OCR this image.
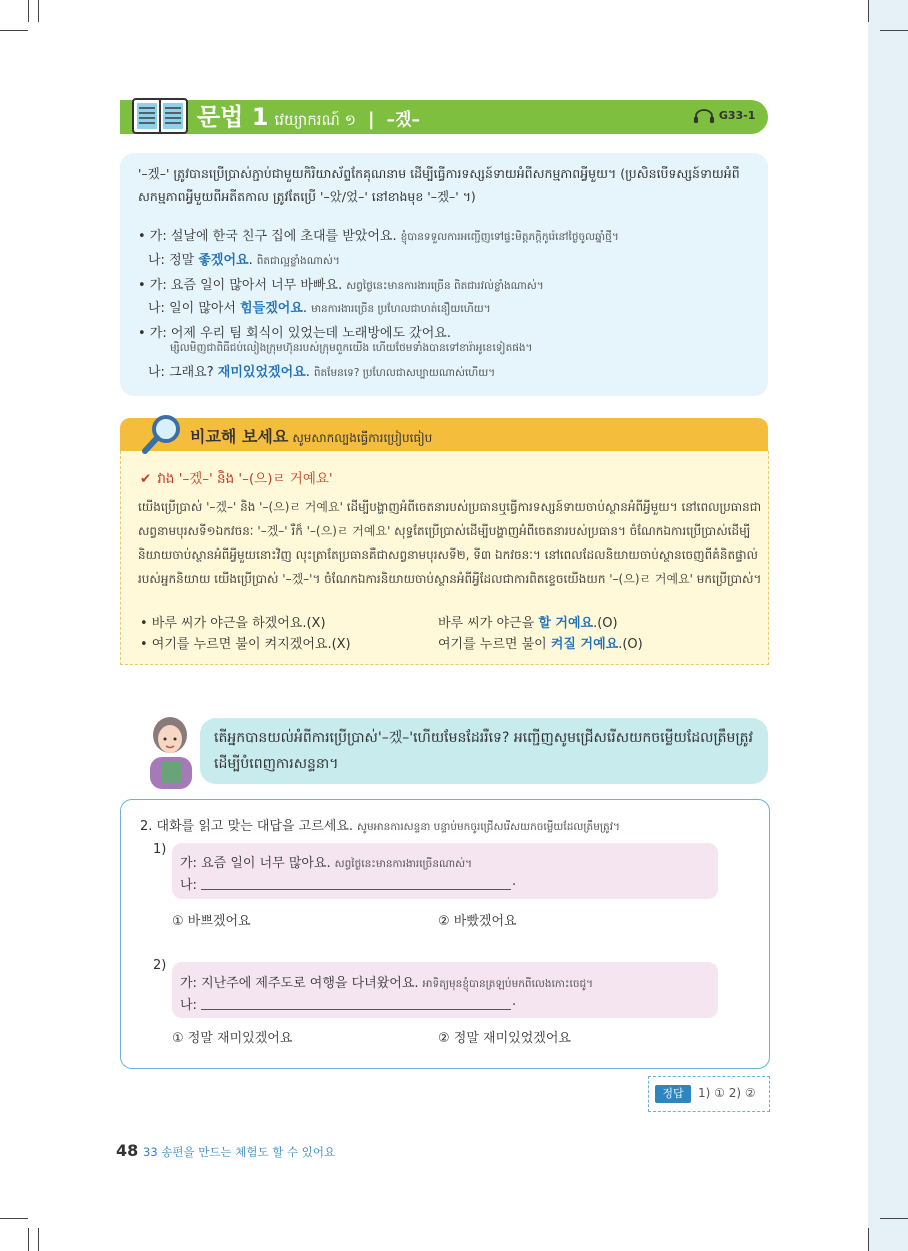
문법 1 វេយ្យាករណ៍ ១ | –겠–	G33-1
'–겠–' ត្រូវបានប្រើប្រាស់ភ្ជាប់ជាមួយកិរិយាស័ព្ទកែគុណនាម ដើម្បីធ្វើការទស្សន៍ទាយអំពីសកម្មភាពអ្វីមួយ។ (ប្រសិនបើទស្សន៍ទាយអំពីសកម្មភាពអ្វីមួយពីអតីតកាល ត្រូវតែប្រើ '–았/었–' នៅខាងមុខ '–겠–' ។)
• 가: 설날에 한국 친구 집에 초대를 받았어요. ខ្ញុំបានទទួលការអញ្ជើញទៅផ្ទះមិត្តភក្តិកូរ៉េនៅថ្ងៃចូលឆ្នាំថ្មី។
나: 정말 좋겠어요. ពិតជាល្អខ្លាំងណាស់។
• 가: 요즘 일이 많아서 너무 바빠요. សព្វថ្ងៃនេះមានការងារច្រើន ពិតជារវល់ខ្លាំងណាស់។
나: 일이 많아서 힘들겠어요. មានការងារច្រើន ប្រហែលជាហត់នឿយហើយ។
• 가: 어제 우리 팀 회식이 있었는데 노래방에도 갔어요.
ម្សិលមិញជាពិធីជប់លៀងក្រុមហ៊ុនរបស់ក្រុមពួកយើង ហើយថែមទាំងបានទៅខារ៉ាអូខេទៀតផង។
나: 그래요? 재미있었겠어요. ពិតមែនទេ? ប្រហែលជាសប្បាយណាស់ហើយ។
비교해 보세요 សូមសាកល្បងធ្វើការប្រៀបធៀប
✔ វាង '–겠–' និង '–(으)ㄹ 거예요'
យើងប្រើប្រាស់ '–겠–' និង '–(으)ㄹ 거예요' ដើម្បីបង្ហាញអំពីចេតនារបស់ប្រធានឬធ្វើការទស្សន៍ទាយចាប់ស្ថានអំពីអ្វីមួយ។ នៅពេលប្រធានជាសព្វនាមបុរសទី១ឯកវចនៈ '–겠–' រឺក៏ '–(으)ㄹ 거예요' សុទ្ធតែប្រើប្រាស់ដើម្បីបង្ហាញអំពីចេតនារបស់ប្រធាន។ ចំណែកឯការប្រើប្រាស់ដើម្បីនិយាយចាប់ស្ថានអំពីអ្វីមួយនោះវិញ លុះត្រាតែប្រធានគឺជាសព្វនាមបុរសទី២, ទី៣ ឯកវចនៈ។ នៅពេលដែលនិយាយចាប់ស្ថានចេញពីគំនិតផ្ទាល់របស់អ្នកនិយាយ យើងប្រើប្រាស់ '–겠–'។ ចំណែកឯការនិយាយចាប់ស្ថានអំពីអ្វីដែលជាការពិតខ្ទេចយើងយក '–(으)ㄹ 거예요' មកប្រើប្រាស់។
• 바루 씨가 야근을 하겠어요.(X)	바루 씨가 야근을 할 거예요.(O)
• 여기를 누르면 불이 켜지겠어요.(X)	여기를 누르면 불이 켜질 거예요.(O)
តើអ្នកបានយល់អំពីការប្រើប្រាស់'–겠–'ហើយមែនដែររឺទេ? អញ្ជើញសូមជ្រើសរើសយកចម្លើយដែលត្រឹមត្រូវដើម្បីបំពេញការសន្ទនា។
2. 대화를 읽고 맞는 대답을 고르세요. សូមអានការសន្ទនា បន្ទាប់មកចូរជ្រើសរើសយកចម្លើយដែលត្រឹមត្រូវ។
1)
가: 요즘 일이 너무 많아요. សព្វថ្ងៃនេះមានការងារច្រើនណាស់។
나:	.
① 바쁘겠어요	② 바빴겠어요
2)
가: 지난주에 제주도로 여행을 다녀왔어요. អាទិត្យមុនខ្ញុំបានត្រឡប់មកពីលេងកោះចេជូ។
나:	.
① 정말 재미있겠어요	② 정말 재미있었겠어요
정답	1) ① 2) ②
48 33 송편을 만드는 체험도 할 수 있어요
